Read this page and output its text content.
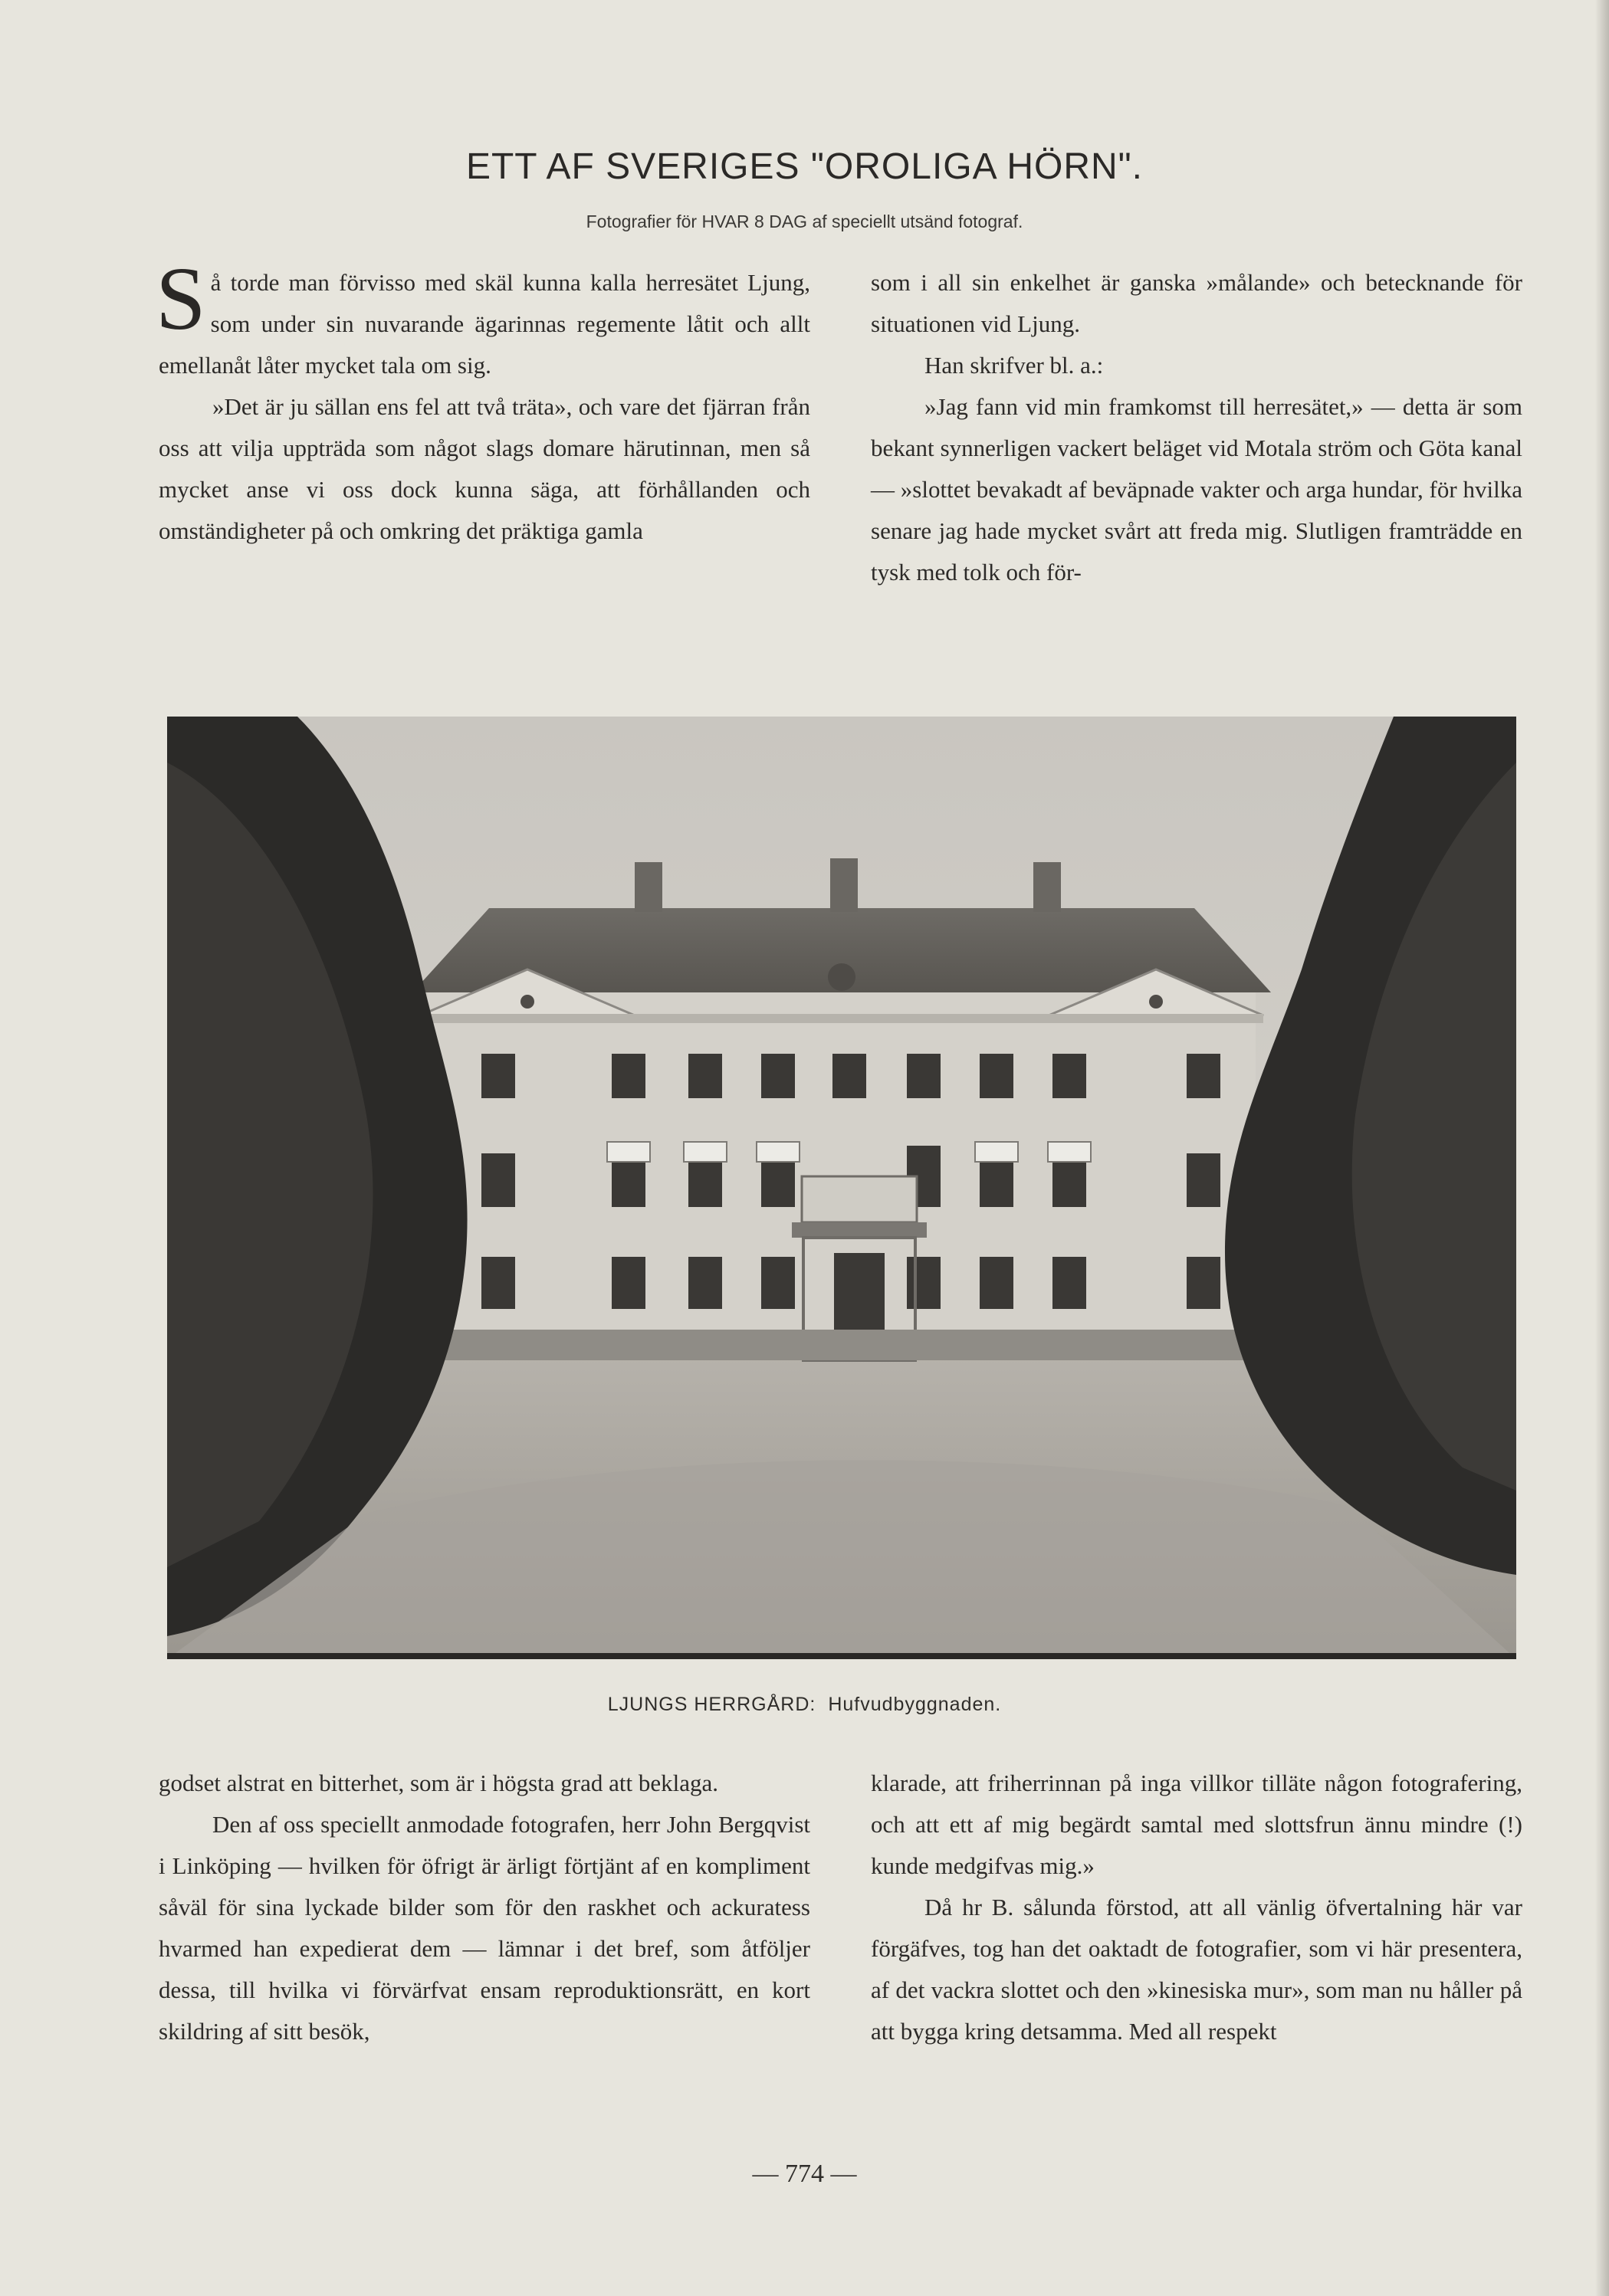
ETT AF SVERIGES "OROLIGA HÖRN".
Fotografier för HVAR 8 DAG af speciellt utsänd fotograf.

Så torde man förvisso med skäl kunna kalla herresätet Ljung, som under sin nuvarande ägarinnas regemente låtit och allt emellanåt låter mycket tala om sig.

»Det är ju sällan ens fel att två träta», och vare det fjärran från oss att vilja uppträda som något slags domare härutinnan, men så mycket anse vi oss dock kunna säga, att förhållanden och omständigheter på och omkring det präktiga gamla

som i all sin enkelhet är ganska »målande» och betecknande för situationen vid Ljung.

Han skrifver bl. a.:

»Jag fann vid min framkomst till herresätet,» — detta är som bekant synnerligen vackert beläget vid Motala ström och Göta kanal — »slottet bevakadt af beväpnade vakter och arga hundar, för hvilka senare jag hade mycket svårt att freda mig. Slutligen framträdde en tysk med tolk och för-

LJUNGS HERRGÅRD: Hufvudbyggnaden.

godset alstrat en bitterhet, som är i högsta grad att beklaga.

Den af oss speciellt anmodade fotografen, herr John Bergqvist i Linköping — hvilken för öfrigt är ärligt förtjänt af en kompliment såväl för sina lyckade bilder som för den raskhet och ackuratess hvarmed han expedierat dem — lämnar i det bref, som åtföljer dessa, till hvilka vi förvärfvat ensam reproduktionsrätt, en kort skildring af sitt besök,

klarade, att friherrinnan på inga villkor tilläte någon fotografering, och att ett af mig begärdt samtal med slottsfrun ännu mindre (!) kunde medgifvas mig.»

Då hr B. sålunda förstod, att all vänlig öfvertalning här var förgäfves, tog han det oaktadt de fotografier, som vi här presentera, af det vackra slottet och den »kinesiska mur», som man nu håller på att bygga kring detsamma. Med all respekt

— 774 —
